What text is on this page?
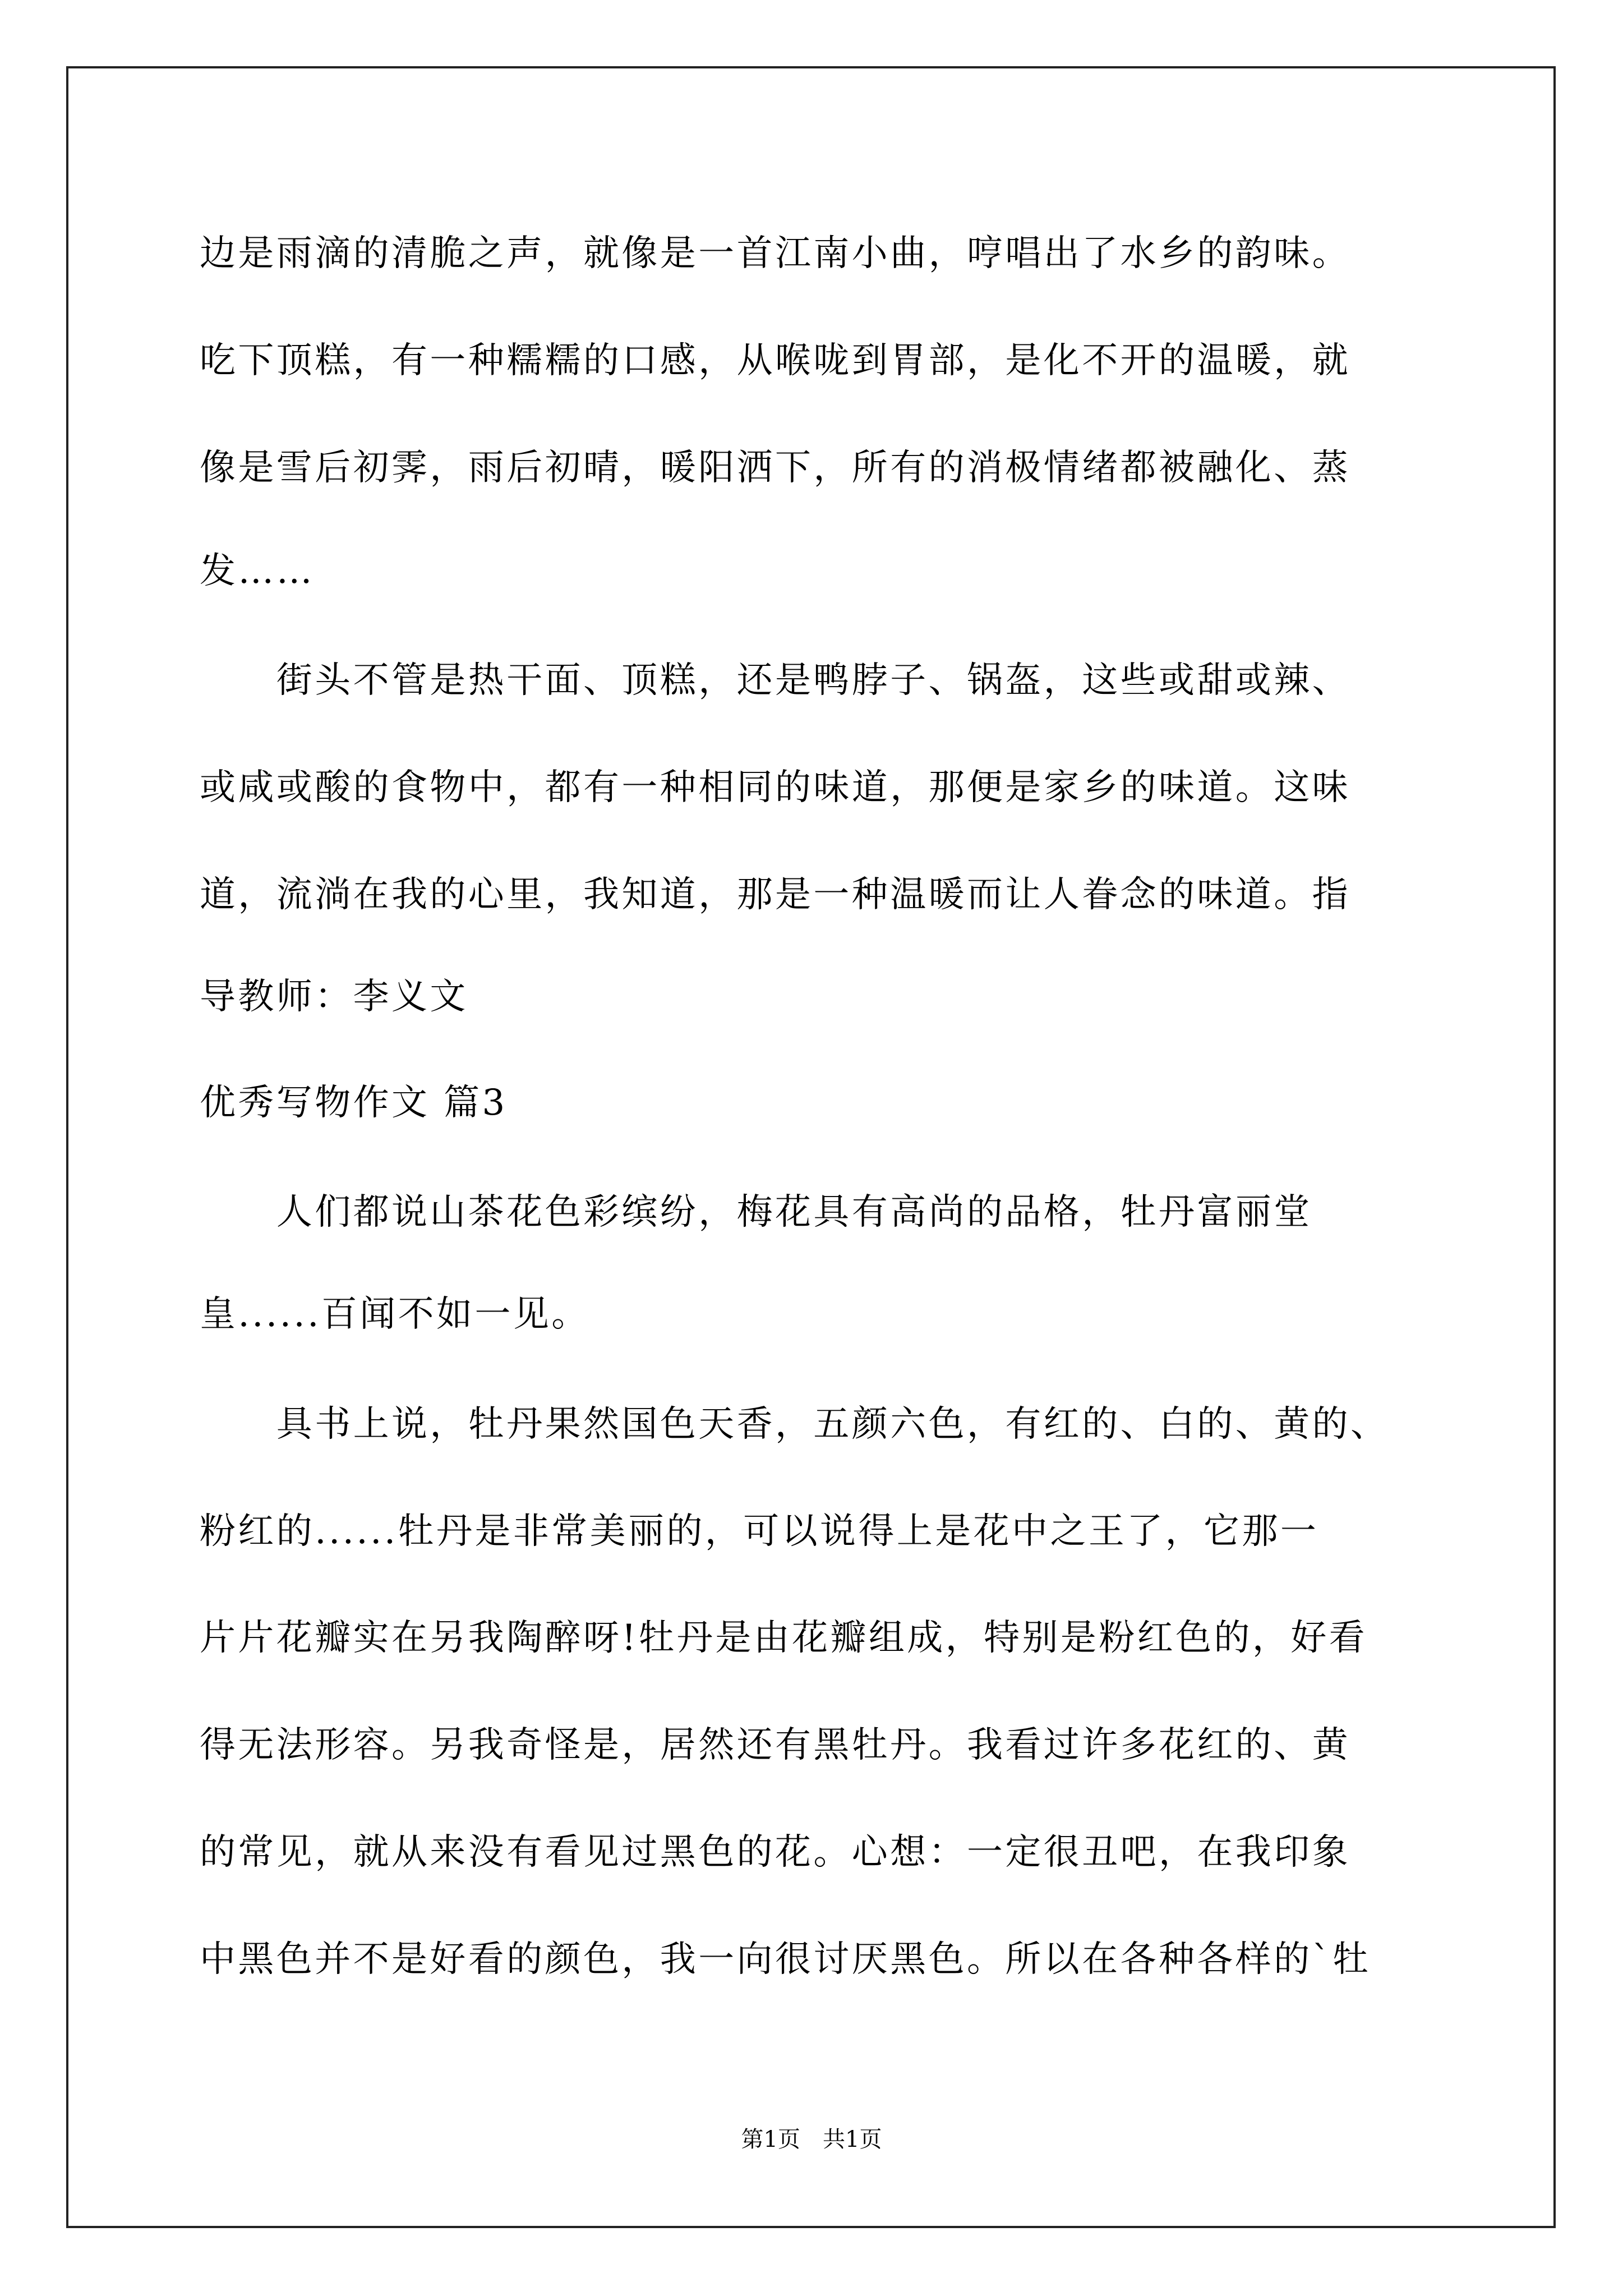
边是雨滴的清脆之声，就像是一首江南小曲，哼唱出了水乡的韵味。
吃下顶糕，有一种糯糯的口感，从喉咙到胃部，是化不开的温暖，就
像是雪后初霁，雨后初晴，暖阳洒下，所有的消极情绪都被融化、蒸
发……
　　街头不管是热干面、顶糕，还是鸭脖子、锅盔，这些或甜或辣、
或咸或酸的食物中，都有一种相同的味道，那便是家乡的味道。这味
道，流淌在我的心里，我知道，那是一种温暖而让人眷念的味道。指
导教师：李义文
优秀写物作文 篇3
　　人们都说山茶花色彩缤纷，梅花具有高尚的品格，牡丹富丽堂
皇......百闻不如一见。
　　具书上说，牡丹果然国色天香，五颜六色，有红的、白的、黄的、
粉红的......牡丹是非常美丽的，可以说得上是花中之王了，它那一
片片花瓣实在另我陶醉呀!牡丹是由花瓣组成，特别是粉红色的，好看
得无法形容。另我奇怪是，居然还有黑牡丹。我看过许多花红的、黄
的常见，就从来没有看见过黑色的花。心想：一定很丑吧，在我印象
中黑色并不是好看的颜色，我一向很讨厌黑色。所以在各种各样的`牡
第1页　共1页
